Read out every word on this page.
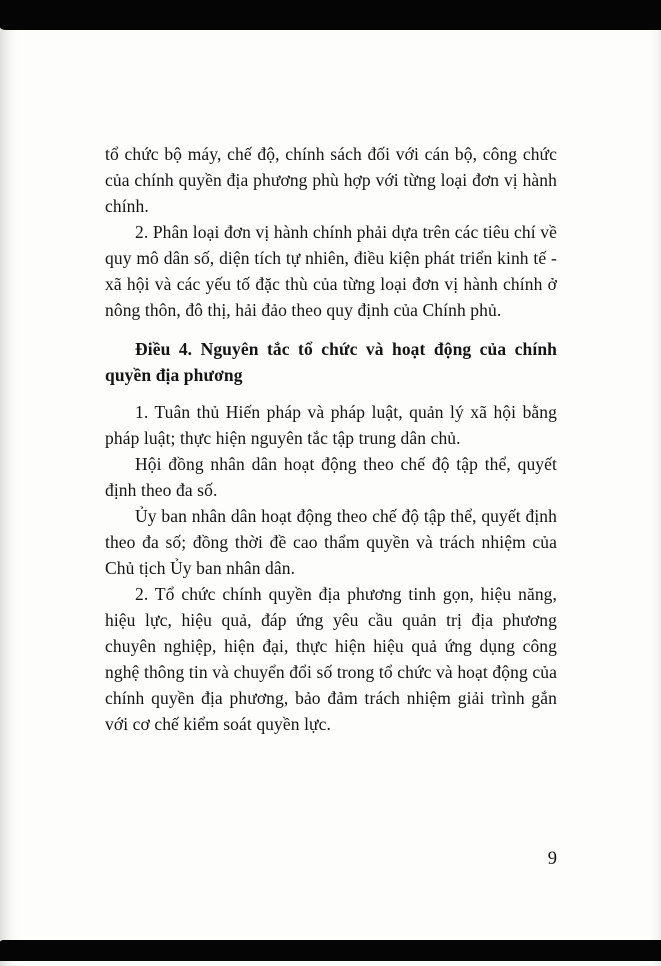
tổ chức bộ máy, chế độ, chính sách đối với cán bộ, công chức của chính quyền địa phương phù hợp với từng loại đơn vị hành chính.

2. Phân loại đơn vị hành chính phải dựa trên các tiêu chí về quy mô dân số, diện tích tự nhiên, điều kiện phát triển kinh tế - xã hội và các yếu tố đặc thù của từng loại đơn vị hành chính ở nông thôn, đô thị, hải đảo theo quy định của Chính phủ.

Điều 4. Nguyên tắc tổ chức và hoạt động của chính quyền địa phương

1. Tuân thủ Hiến pháp và pháp luật, quản lý xã hội bằng pháp luật; thực hiện nguyên tắc tập trung dân chủ.

Hội đồng nhân dân hoạt động theo chế độ tập thể, quyết định theo đa số.

Ủy ban nhân dân hoạt động theo chế độ tập thể, quyết định theo đa số; đồng thời đề cao thẩm quyền và trách nhiệm của Chủ tịch Ủy ban nhân dân.

2. Tổ chức chính quyền địa phương tinh gọn, hiệu năng, hiệu lực, hiệu quả, đáp ứng yêu cầu quản trị địa phương chuyên nghiệp, hiện đại, thực hiện hiệu quả ứng dụng công nghệ thông tin và chuyển đổi số trong tổ chức và hoạt động của chính quyền địa phương, bảo đảm trách nhiệm giải trình gắn với cơ chế kiểm soát quyền lực.

9
